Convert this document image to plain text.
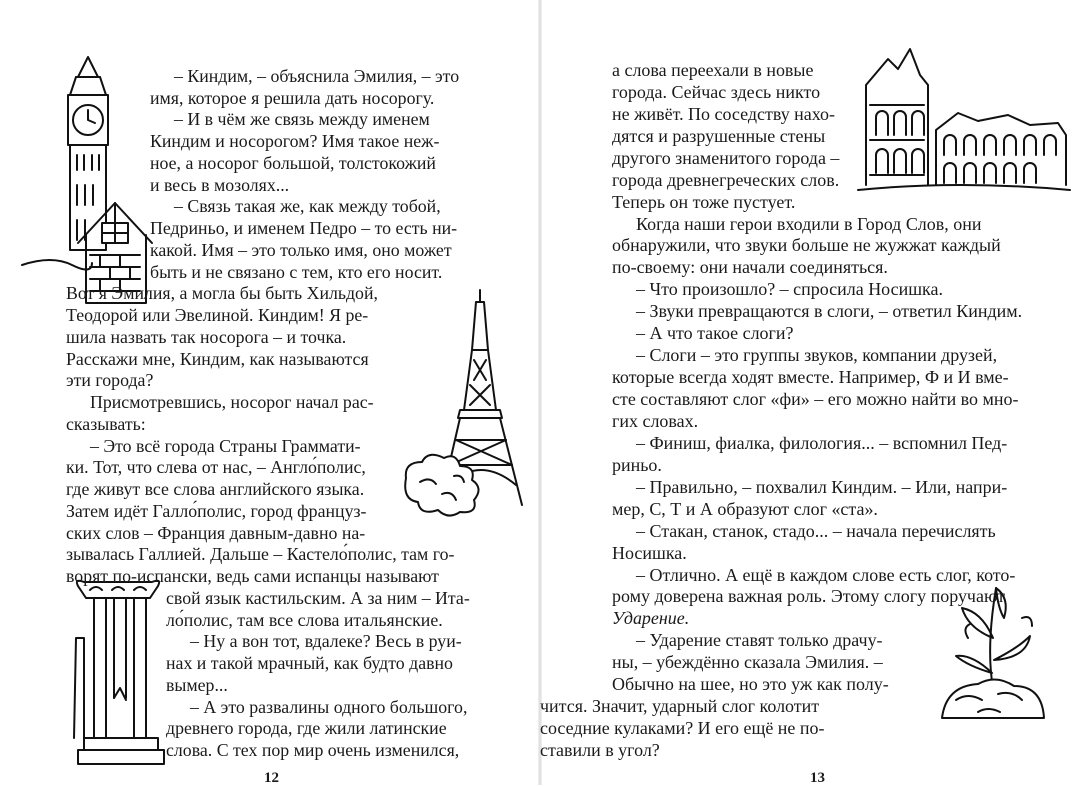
– Киндим, – объяснила Эмилия, – это
имя, которое я решила дать носорогу.
– И в чём же связь между именем
Киндим и носорогом? Имя такое неж-
ное, а носорог большой, толстокожий
и весь в мозолях...
– Связь такая же, как между тобой,
Педриньо, и именем Педро – то есть ни-
какой. Имя – это только имя, оно может
быть и не связано с тем, кто его носит.
Вот я Эмилия, а могла бы быть Хильдой,
Теодорой или Эвелиной. Киндим! Я ре-
шила назвать так носорога – и точка.
Расскажи мне, Киндим, как называются
эти города?
Присмотревшись, носорог начал рас-
сказывать:
– Это всё города Страны Граммати-
ки. Тот, что слева от нас, – Англо́полис,
где живут все слова английского языка.
Затем идёт Галло́полис, город француз-
ских слов – Франция давным-давно на-
зывалась Галлией. Дальше – Кастело́полис, там го-
ворят по-испански, ведь сами испанцы называют
свой язык кастильским. А за ним – Ита-
ло́полис, там все слова итальянские.
– Ну а вон тот, вдалеке? Весь в руи-
нах и такой мрачный, как будто давно
вымер...
– А это развалины одного большого,
древнего города, где жили латинские
слова. С тех пор мир очень изменился,
12
а слова переехали в новые
города. Сейчас здесь никто
не живёт. По соседству нахо-
дятся и разрушенные стены
другого знаменитого города –
города древнегреческих слов.
Теперь он тоже пустует.
Когда наши герои входили в Город Слов, они
обнаружили, что звуки больше не жужжат каждый
по-своему: они начали соединяться.
– Что произошло? – спросила Носишка.
– Звуки превращаются в слоги, – ответил Киндим.
– А что такое слоги?
– Слоги – это группы звуков, компании друзей,
которые всегда ходят вместе. Например, Ф и И вме-
сте составляют слог «фи» – его можно найти во мно-
гих словах.
– Финиш, фиалка, филология... – вспомнил Пед-
риньо.
– Правильно, – похвалил Киндим. – Или, напри-
мер, С, Т и А образуют слог «ста».
– Стакан, станок, стадо... – начала перечислять
Носишка.
– Отлично. А ещё в каждом слове есть слог, кото-
рому доверена важная роль. Этому слогу поручают
Ударение.
– Ударение ставят только драчу-
ны, – убеждённо сказала Эмилия. –
Обычно на шее, но это уж как полу-
чится. Значит, ударный слог колотит
соседние кулаками? И его ещё не по-
ставили в угол?
13
